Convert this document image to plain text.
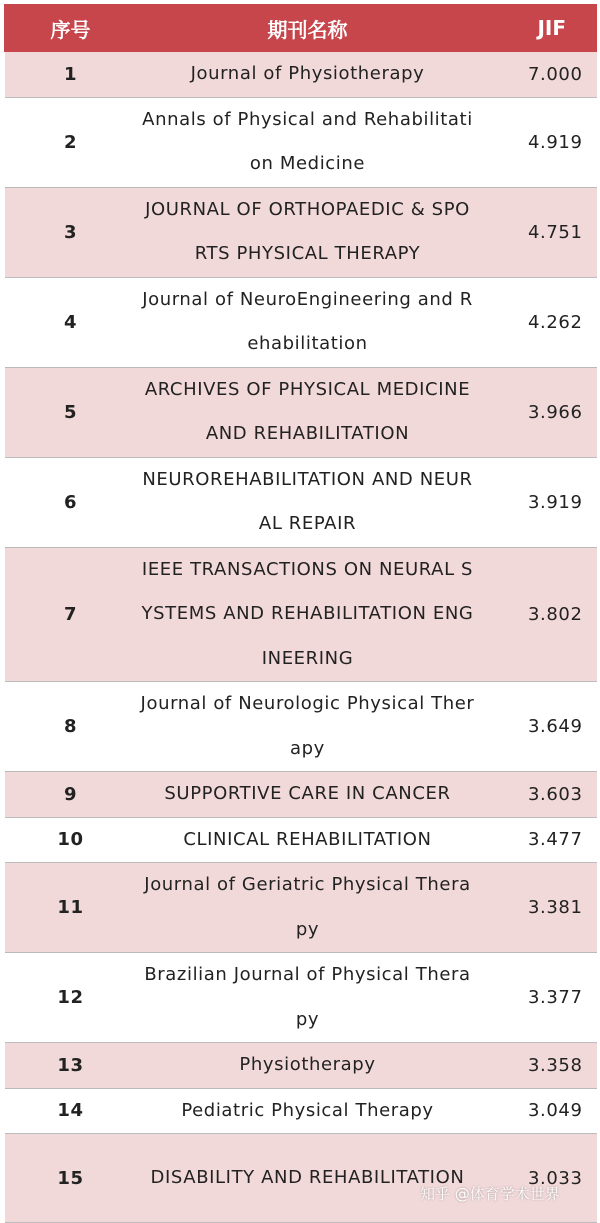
序号	期刊名称	JIF
1	Journal of Physiotherapy	7.000
2	Annals of Physical and Rehabilitation Medicine	4.919
3	JOURNAL OF ORTHOPAEDIC & SPORTS PHYSICAL THERAPY	4.751
4	Journal of NeuroEngineering and Rehabilitation	4.262
5	ARCHIVES OF PHYSICAL MEDICINE AND REHABILITATION	3.966
6	NEUROREHABILITATION AND NEURAL REPAIR	3.919
7	IEEE TRANSACTIONS ON NEURAL SYSTEMS AND REHABILITATION ENGINEERING	3.802
8	Journal of Neurologic Physical Therapy	3.649
9	SUPPORTIVE CARE IN CANCER	3.603
10	CLINICAL REHABILITATION	3.477
11	Journal of Geriatric Physical Therapy	3.381
12	Brazilian Journal of Physical Therapy	3.377
13	Physiotherapy	3.358
14	Pediatric Physical Therapy	3.049
15	DISABILITY AND REHABILITATION	3.033
知乎 @体育学术世界
